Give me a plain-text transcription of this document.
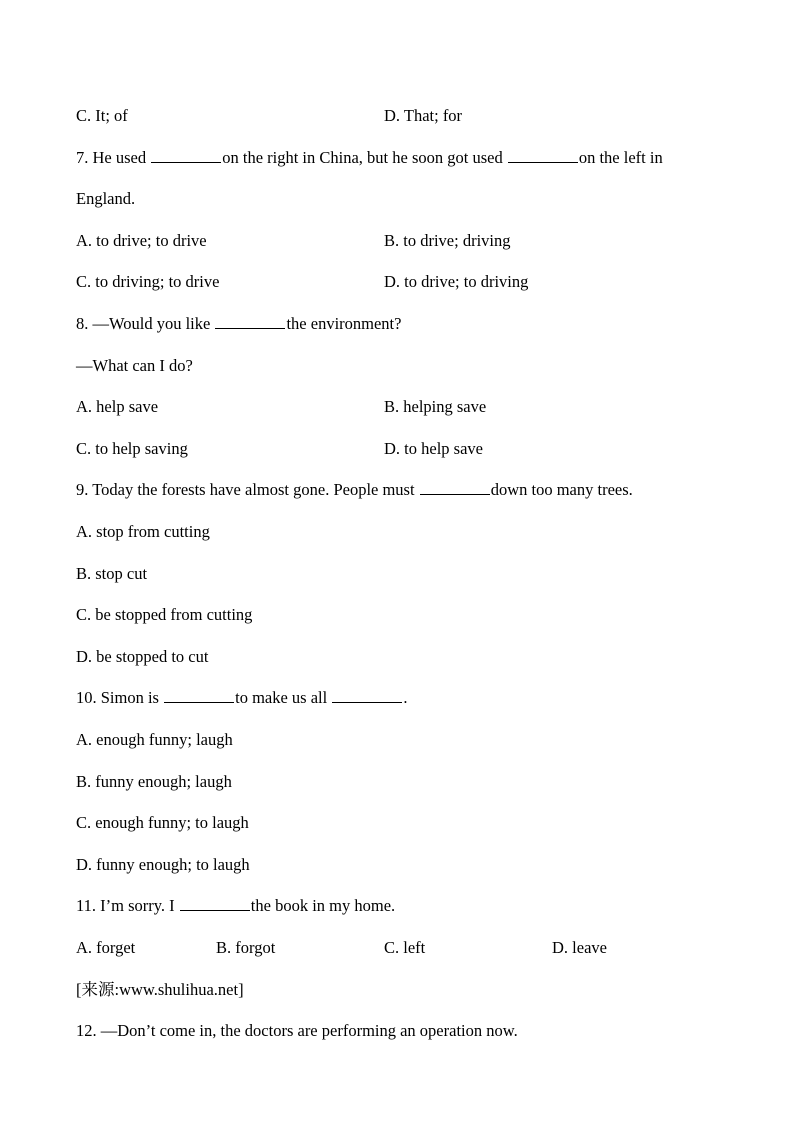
C. It; of	D. That; for
7. He used	on the right in China, but he soon got used	on the left in
England.
A. to drive; to drive	B. to drive; driving
C. to driving; to drive	D. to drive; to driving
8. —Would you like	the environment?
—What can I do?
A. help save	B. helping save
C. to help saving	D. to help save
9. Today the forests have almost gone. People must	down too many trees.
A. stop from cutting
B. stop cut
C. be stopped from cutting
D. be stopped to cut
10. Simon is	to make us all	.
A. enough funny; laugh
B. funny enough; laugh
C. enough funny; to laugh
D. funny enough; to laugh
11. I’m sorry. I	the book in my home.
A. forget	B. forgot	C. left	D. leave
[来源:www.shulihua.net]
12. —Don’t come in, the doctors are performing an operation now.
